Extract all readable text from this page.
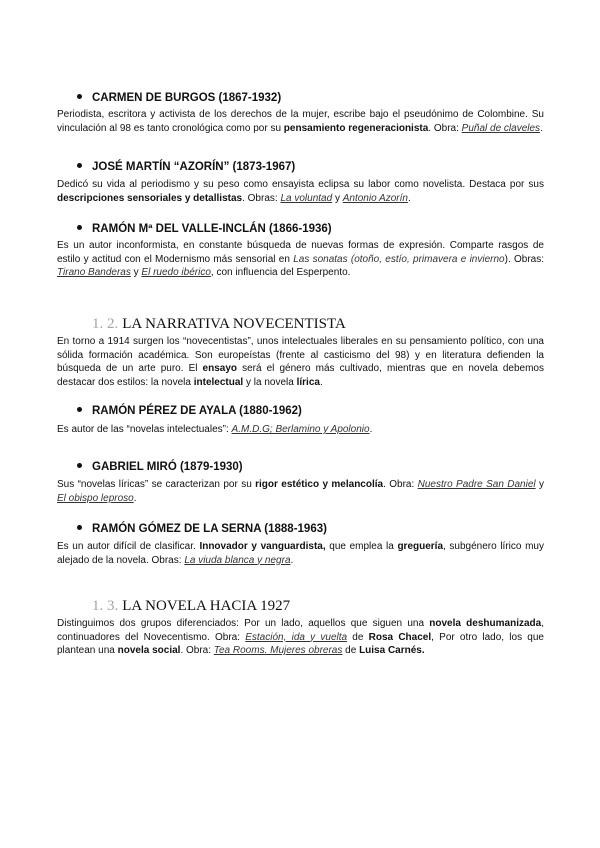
CARMEN DE BURGOS (1867-1932)
Periodista, escritora y activista de los derechos de la mujer, escribe bajo el pseudónimo de Colombine. Su vinculación al 98 es tanto cronológica como por su pensamiento regeneracionista. Obra: Puñal de claveles.
JOSÉ MARTÍN “AZORÍN” (1873-1967)
Dedicó su vida al periodismo y su peso como ensayista eclipsa su labor como novelista. Destaca por sus descripciones sensoriales y detallistas. Obras: La voluntad y Antonio Azorín.
RAMÓN Mª DEL VALLE-INCLÁN (1866-1936)
Es un autor inconformista, en constante búsqueda de nuevas formas de expresión. Comparte rasgos de estilo y actitud con el Modernismo más sensorial en Las sonatas (otoño, estío, primavera e invierno). Obras: Tirano Banderas y El ruedo ibérico, con influencia del Esperpento.
1. 2. LA NARRATIVA NOVECENTISTA
En torno a 1914 surgen los “novecentistas”, unos intelectuales liberales en su pensamiento político, con una sólida formación académica. Son europeístas (frente al casticismo del 98) y en literatura defienden la búsqueda de un arte puro. El ensayo será el género más cultivado, mientras que en novela debemos destacar dos estilos: la novela intelectual y la novela lírica.
RAMÓN PÉREZ DE AYALA (1880-1962)
Es autor de las “novelas intelectuales”: A.M.D.G; Berlamino y Apolonio.
GABRIEL MIRÓ (1879-1930)
Sus “novelas líricas” se caracterizan por su rigor estético y melancolía. Obra: Nuestro Padre San Daniel y El obispo leproso.
RAMÓN GÓMEZ DE LA SERNA (1888-1963)
Es un autor difícil de clasificar. Innovador y vanguardista, que emplea la greguería, subgénero lírico muy alejado de la novela. Obras: La viuda blanca y negra.
1. 3. LA NOVELA HACIA 1927
Distinguimos dos grupos diferenciados: Por un lado, aquellos que siguen una novela deshumanizada, continuadores del Novecentismo. Obra: Estación, ida y vuelta de Rosa Chacel, Por otro lado, los que plantean una novela social. Obra: Tea Rooms. Mujeres obreras de Luisa Carnés.
